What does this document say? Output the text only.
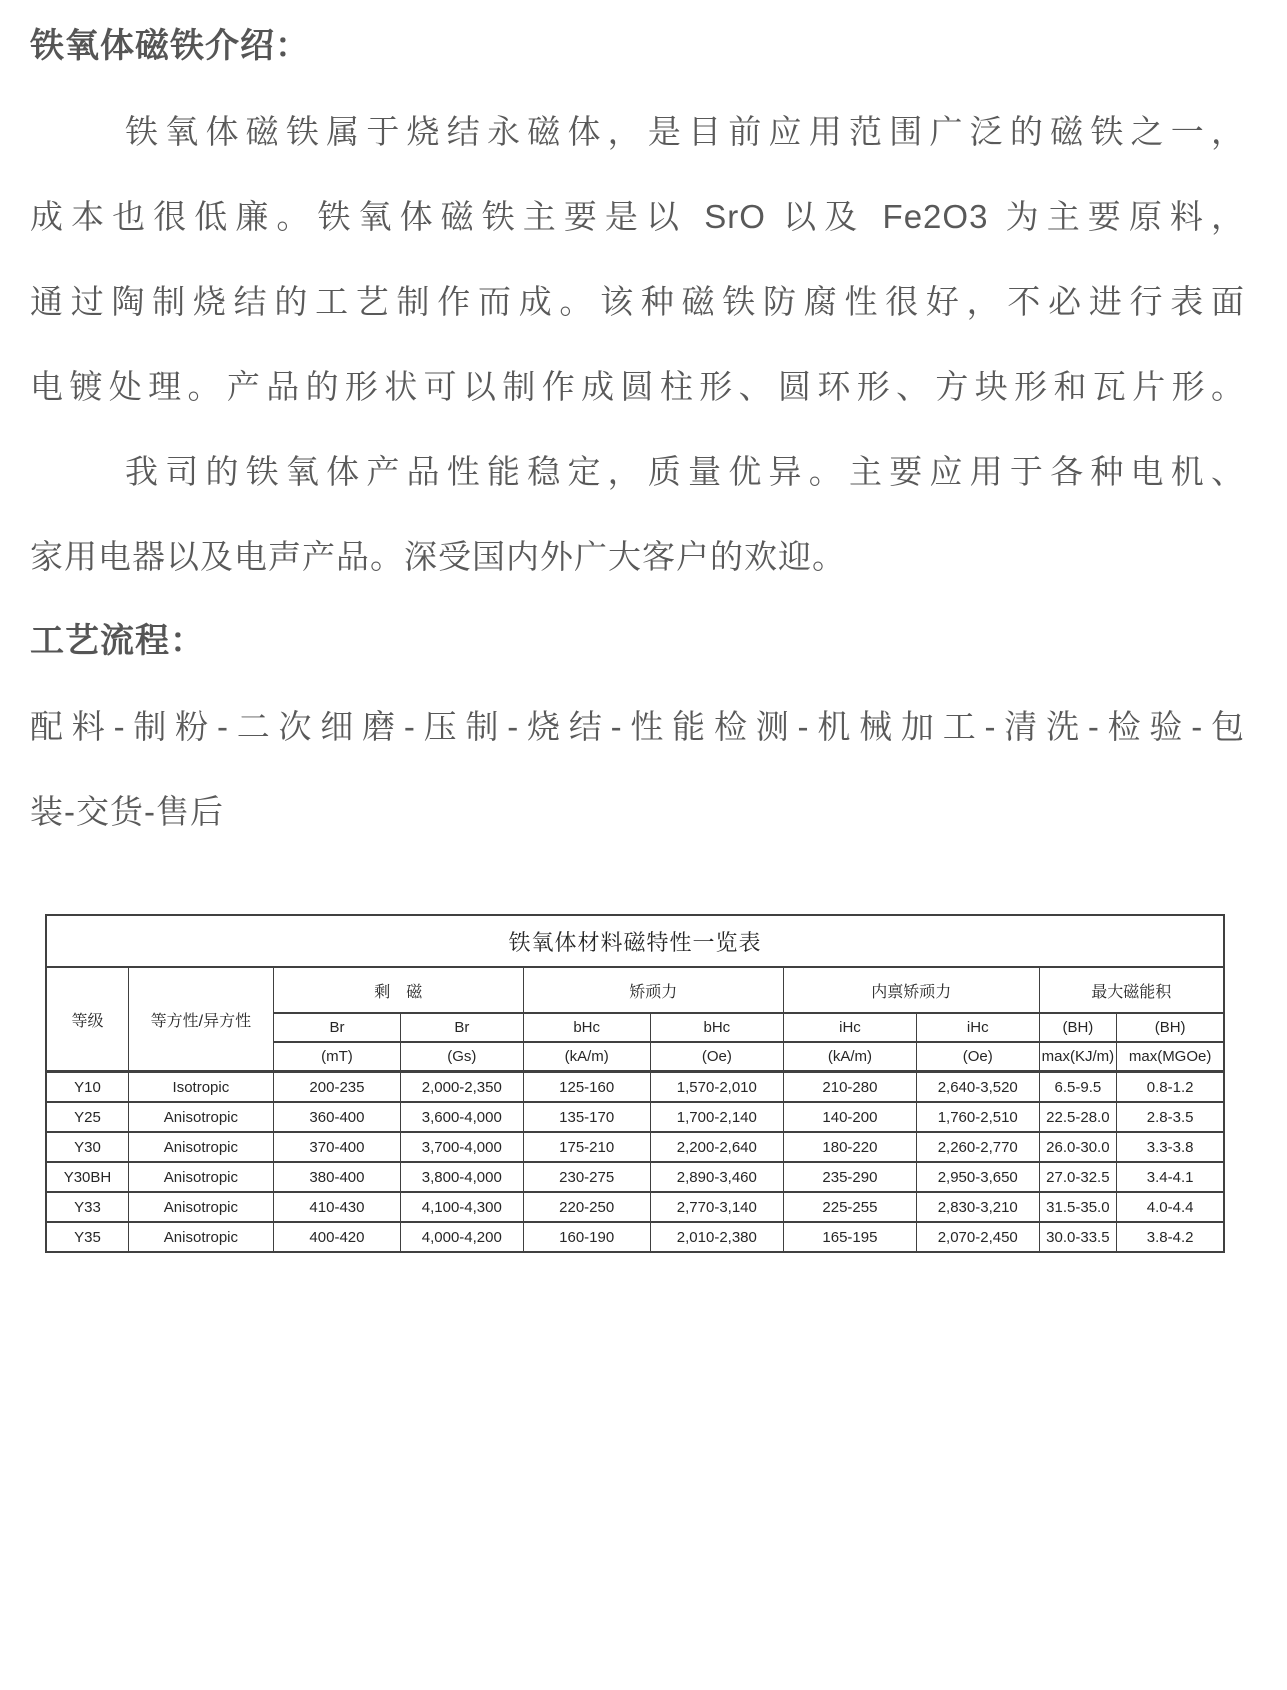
铁氧体磁铁介绍：
铁氧体磁铁属于烧结永磁体，是目前应用范围广泛的磁铁之一，
成本也很低廉。铁氧体磁铁主要是以 SrO 以及 Fe2O3 为主要原料，
通过陶制烧结的工艺制作而成。该种磁铁防腐性很好，不必进行表面
电镀处理。产品的形状可以制作成圆柱形、圆环形、方块形和瓦片形。
我司的铁氧体产品性能稳定，质量优异。主要应用于各种电机、
家用电器以及电声产品。深受国内外广大客户的欢迎。
工艺流程：
配料-制粉-二次细磨-压制-烧结-性能检测-机械加工-清洗-检验-包
装-交货-售后
铁氧体材料磁特性一览表									
等级	等方性/异方性	剩　磁		矫顽力		内禀矫顽力		最大磁能积	
		Br	Br	bHc	bHc	iHc	iHc	(BH)	(BH)
		(mT)	(Gs)	(kA/m)	(Oe)	(kA/m)	(Oe)	max(KJ/m)	max(MGOe)
Y10	Isotropic	200-235	2,000-2,350	125-160	1,570-2,010	210-280	2,640-3,520	6.5-9.5	0.8-1.2
Y25	Anisotropic	360-400	3,600-4,000	135-170	1,700-2,140	140-200	1,760-2,510	22.5-28.0	2.8-3.5
Y30	Anisotropic	370-400	3,700-4,000	175-210	2,200-2,640	180-220	2,260-2,770	26.0-30.0	3.3-3.8
Y30BH	Anisotropic	380-400	3,800-4,000	230-275	2,890-3,460	235-290	2,950-3,650	27.0-32.5	3.4-4.1
Y33	Anisotropic	410-430	4,100-4,300	220-250	2,770-3,140	225-255	2,830-3,210	31.5-35.0	4.0-4.4
Y35	Anisotropic	400-420	4,000-4,200	160-190	2,010-2,380	165-195	2,070-2,450	30.0-33.5	3.8-4.2
